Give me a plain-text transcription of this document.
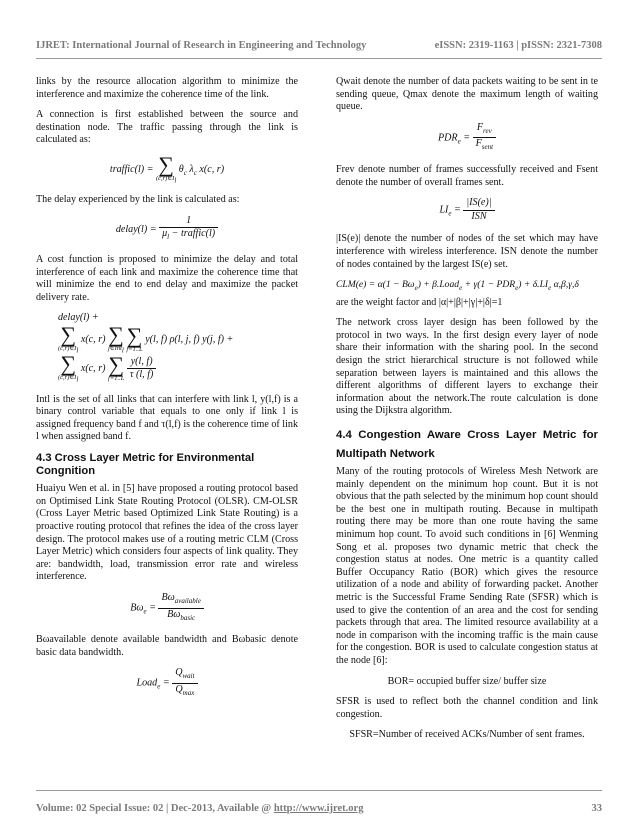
IJRET: International Journal of Research in Engineering and Technology	eISSN: 2319-1163 | pISSN: 2321-7308

links by the resource allocation algorithm to minimize the interference and maximize the coherence time of the link.

A connection is first established between the source and destination node. The traffic passing through the link is calculated as:

traffic(l) = ∑
$(c,r)\in I_l$
$\theta_c$ $\lambda_c$ x(c, r)

The delay experienced by the link is calculated as:

delay(l) = $\frac{1}{\mu_l - traffic(l)}$

A cost function is proposed to minimize the delay and total interference of each link and maximize the coherence time that will minimize the end to end delay and maximize the packet delivery rate.

delay(l) +
∑
$(c,r)\in I_l$
x(c, r) ∑
j∈Int$_l$

∑
f=1..L
y(l, f) ρ(l, j, f) y(j, f) +
∑
$(c,r)\in I_l$
x(c, r) ∑
f=1..L
$\frac{y(l, f)}{\tau (l, f)}$

Intl is the set of all links that can interfere with link l, y(l,f) is a binary control variable that equals to one only if link l is assigned frequency band f and τ(l,f) is the coherence time of link l when assigned band f.

4.3 Cross Layer Metric for Environmental Congnition

Huaiyu Wen et al. in [5] have proposed a routing protocol based on Optimised Link State Routing Protocol (OLSR). CM-OLSR (Cross Layer Metric based Optimized Link State Routing) is a proactive routing protocol that refines the idea of the cross layer design. The protocol makes use of a routing metric CLM (Cross Layer Metric) which considers four aspects of link quality. They are: bandwidth, load, transmission error rate and wireless interference.

$B\omega_e = \frac{B\omega_{available}}{B\omega_{basic}}$

Bωavailable denote available bandwidth and Bωbasic denote basic data bandwidth.

Load$_e$ = $\frac{Q_{wait}}{Q_{max}}$

Qwait denote the number of data packets waiting to be sent in te sending queue, Qmax denote the maximum length of waiting queue.

$PDR_e = \frac{F_{rev}}{F_{sent}}$

Frev denote number of frames successfully received and Fsent denote the number of overall frames sent.

$LI_e = \frac{|IS(e)|}{\text{ISN}}$

|IS(e)| denote the number of nodes of the set which may have interference with wireless interference. ISN denote the number of nodes contained by the largest IS(e) set.

$CLM(e) = \alpha(1 - B\omega_e)$ + β.Load$_e$ + $\gamma(1 - PDR_e) + \delta.LI_e$ α,β,γ,δ

are the weight factor and |α|+|β|+|γ|+|δ|=1

The network cross layer design has been followed by the protocol in two ways. In the first design every layer of node share their information with the sharing pool. In the second design the strict hierarchical structure is not followed while separation between layers is maintained and this allows the different algorithms of different layers to exchange their information about the network.The route calculation is done using the Dijkstra algorithm.

4.4 Congestion Aware Cross Layer Metric for Multipath Network

Many of the routing protocols of Wireless Mesh Network are mainly dependent on the minimum hop count. But it is not obvious that the path selected by the minimum hop count should be the best one in multipath routing. Because in multipath routing there may be more than one route having the same minimum hop count. To avoid such conditions in [6] Wenming Song et al. proposes two dynamic metric that check the congestion status at nodes. One metric is a quantity called Buffer Occupancy Ratio (BOR) which gives the resource utilization of a node and ability of forwarding packet. Another metric is the Successful Frame Sending Rate (SFSR) which is used to give the contention of an area and the cost for sending packets through that area. The limited resource availability at a node in comparison with the incoming traffic is the main cause for the congestion. BOR is used to calculate congestion status at the node [6]:

BOR= occupied buffer size/ buffer size

SFSR is used to reflect both the channel condition and link congestion.

SFSR=Number of received ACKs/Number of sent frames.

Volume: 02 Special Issue: 02 | Dec-2013, Available @ http://www.ijret.org	33
